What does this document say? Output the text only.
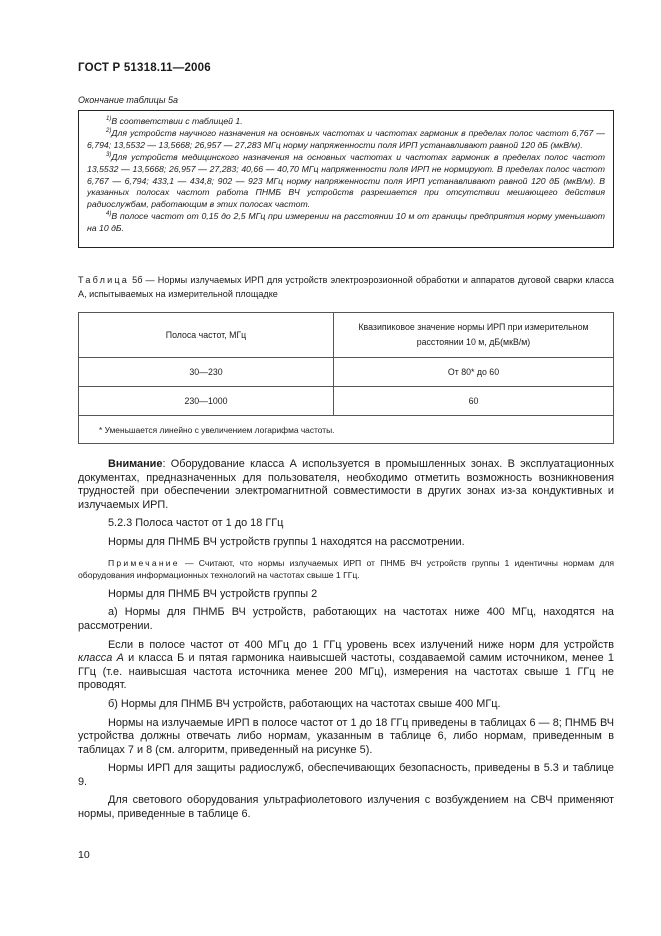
ГОСТ Р 51318.11—2006
Окончание таблицы 5а

$^{1)}$В соответствии с таблицей 1.

$^{2)}$Для устройств научного назначения на основных частотах и частотах гармоник в пределах полос частот 6,767 — 6,794; 13,5532 — 13,5668; 26,957 — 27,283 МГц норму напряженности поля ИРП устанавливают равной 120 дБ (мкВ/м).

$^{3)}$Для устройств медицинского назначения на основных частотах и частотах гармоник в пределах полос частот 13,5532 — 13,5668; 26,957 — 27,283; 40,66 — 40,70 МГц напряженности поля ИРП не нормируют. В пределах полос частот 6,767 — 6,794; 433,1 — 434,8; 902 — 923 МГц норму напряженности поля ИРП устанавливают равной 120 дБ (мкВ/м). В указанных полосах частот работа ПНМБ ВЧ устройств разрешается при отсутствии мешающего действия радиослужбам, работающим в этих полосах частот.

$^{4)}$В полосе частот от 0,15 до 2,5 МГц при измерении на расстоянии 10 м от границы предприятия норму уменьшают на 10 дБ.

Таблица 5б — Нормы излучаемых ИРП для устройств электроэрозионной обработки и аппаратов дуговой сварки класса А, испытываемых на измерительной площадке
Полоса частот, МГц	Квазипиковое значение нормы ИРП при измерительном расстоянии 10 м, дБ(мкВ/м)
30—230	От 80* до 60
230—1000	60
* Уменьшается линейно с увеличением логарифма частоты.	

Внимание: Оборудование класса А используется в промышленных зонах. В эксплуатационных документах, предназначенных для пользователя, необходимо отметить возможность возникновения трудностей при обеспечении электромагнитной совместимости в других зонах из-за кондуктивных и излучаемых ИРП.

5.2.3 Полоса частот от 1 до 18 ГГц

Нормы для ПНМБ ВЧ устройств группы 1 находятся на рассмотрении.

Примечание — Считают, что нормы излучаемых ИРП от ПНМБ ВЧ устройств группы 1 идентичны нормам для оборудования информационных технологий на частотах свыше 1 ГГц.

Нормы для ПНМБ ВЧ устройств группы 2

а) Нормы для ПНМБ ВЧ устройств, работающих на частотах ниже 400 МГц, находятся на рассмотрении.

Если в полосе частот от 400 МГц до 1 ГГц уровень всех излучений ниже норм для устройств класса А и класса Б и пятая гармоника наивысшей частоты, создаваемой самим источником, менее 1 ГГц (т.е. наивысшая частота источника менее 200 МГц), измерения на частотах свыше 1 ГГц не проводят.

б) Нормы для ПНМБ ВЧ устройств, работающих на частотах свыше 400 МГц.

Нормы на излучаемые ИРП в полосе частот от 1 до 18 ГГц приведены в таблицах 6 — 8; ПНМБ ВЧ устройства должны отвечать либо нормам, указанным в таблице 6, либо нормам, приведенным в таблицах 7 и 8 (см. алгоритм, приведенный на рисунке 5).

Нормы ИРП для защиты радиослужб, обеспечивающих безопасность, приведены в 5.3 и таблице 9.

Для светового оборудования ультрафиолетового излучения с возбуждением на СВЧ применяют нормы, приведенные в таблице 6.

10
